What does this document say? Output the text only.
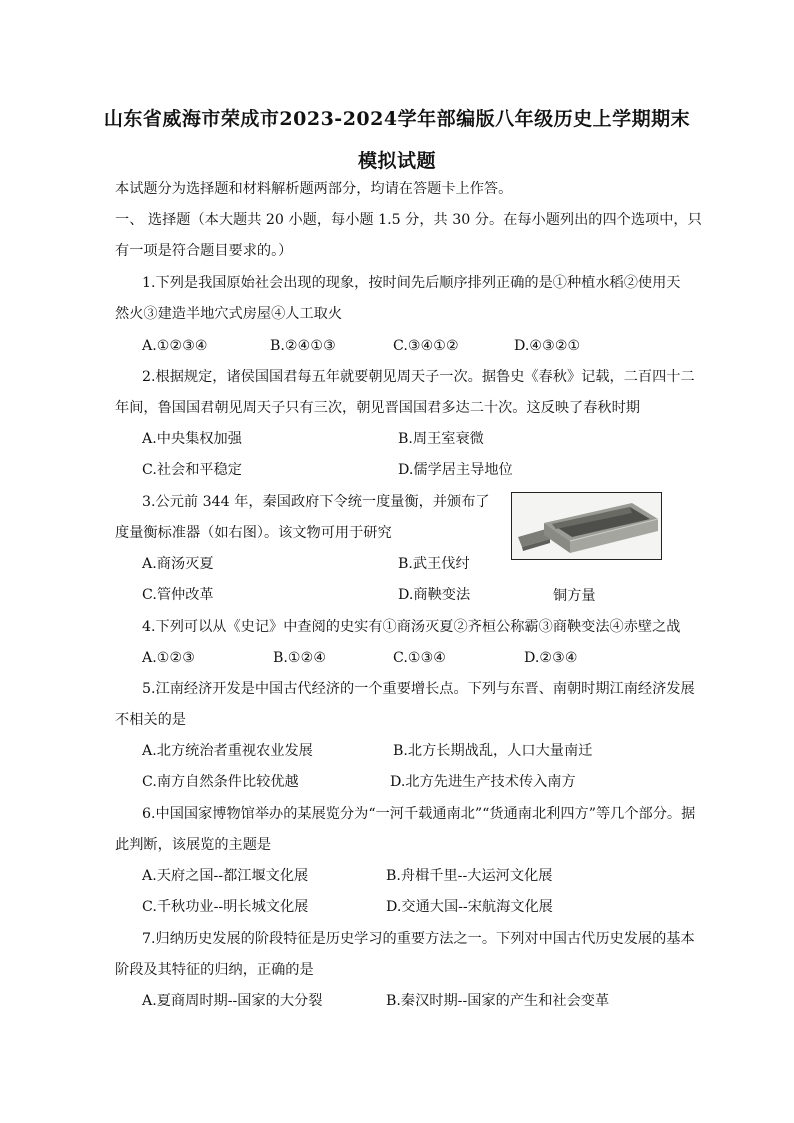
山东省威海市荣成市2023-2024学年部编版八年级历史上学期期末
模拟试题
本试题分为选择题和材料解析题两部分，均请在答题卡上作答。
一、 选择题（本大题共 20 小题，每小题 1.5 分，共 30 分。在每小题列出的四个选项中，只
有一项是符合题目要求的。）
1.下列是我国原始社会出现的现象，按时间先后顺序排列正确的是①种植水稻②使用天
然火③建造半地穴式房屋④人工取火
A.①②③④	B.②④①③	C.③④①②	D.④③②①
2.根据规定，诸侯国国君每五年就要朝见周天子一次。据鲁史《春秋》记载，二百四十二
年间，鲁国国君朝见周天子只有三次，朝见晋国国君多达二十次。这反映了春秋时期
A.中央集权加强	B.周王室衰微
C.社会和平稳定	D.儒学居主导地位
3.公元前 344 年，秦国政府下令统一度量衡，并颁布了
度量衡标准器（如右图）。该文物可用于研究
A.商汤灭夏	B.武王伐纣
C.管仲改革	D.商鞅变法	铜方量
4.下列可以从《史记》中查阅的史实有①商汤灭夏②齐桓公称霸③商鞅变法④赤壁之战
A.①②③	B.①②④	C.①③④	D.②③④
5.江南经济开发是中国古代经济的一个重要增长点。下列与东晋、南朝时期江南经济发展
不相关的是
A.北方统治者重视农业发展	B.北方长期战乱，人口大量南迁
C.南方自然条件比较优越	D.北方先进生产技术传入南方
6.中国国家博物馆举办的某展览分为“一河千载通南北”“货通南北利四方”等几个部分。据
此判断，该展览的主题是
A.天府之国--都江堰文化展	B.舟楫千里--大运河文化展
C.千秋功业--明长城文化展	D.交通大国--宋航海文化展
7.归纳历史发展的阶段特征是历史学习的重要方法之一。下列对中国古代历史发展的基本
阶段及其特征的归纳，正确的是
A.夏商周时期--国家的大分裂	B.秦汉时期--国家的产生和社会变革
